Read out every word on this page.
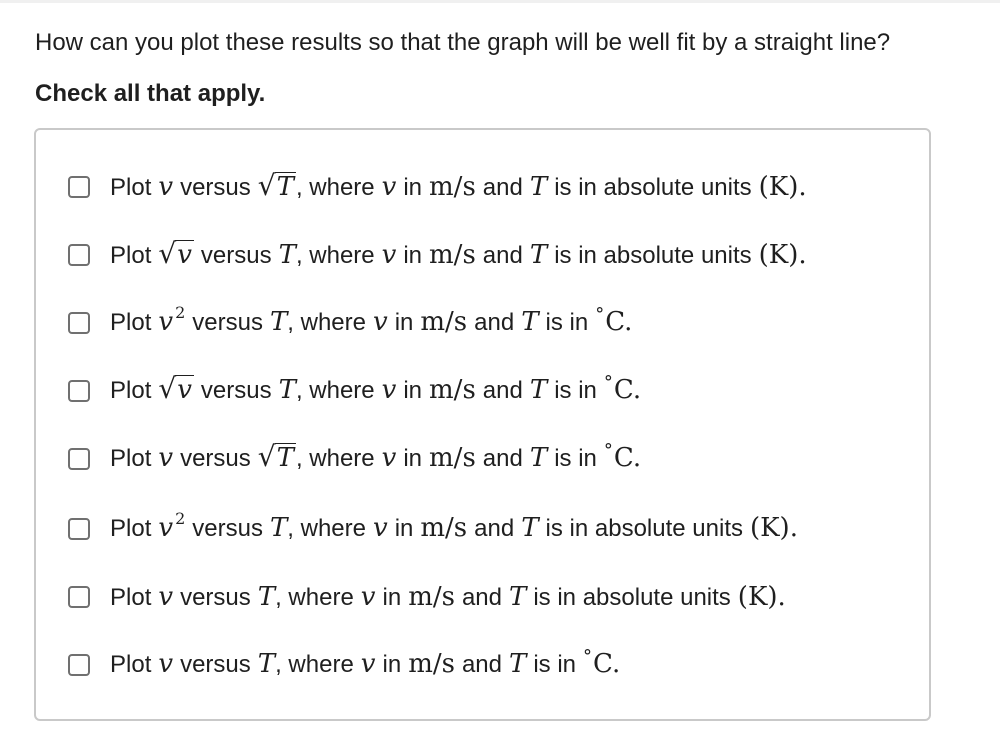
How can you plot these results so that the graph will be well fit by a straight line?
Check all that apply.
Plot v versus √ T , where v in m/s and T is in absolute units (K).
Plot √ v versus T , where v in m/s and T is in absolute units (K).
Plot v 2 versus T , where v in m/s and T is in ° C.
Plot √ v versus T , where v in m/s and T is in ° C.
Plot v versus √ T , where v in m/s and T is in ° C.
Plot v 2 versus T , where v in m/s and T is in absolute units (K).
Plot v versus T , where v in m/s and T is in absolute units (K).
Plot v versus T , where v in m/s and T is in ° C.
